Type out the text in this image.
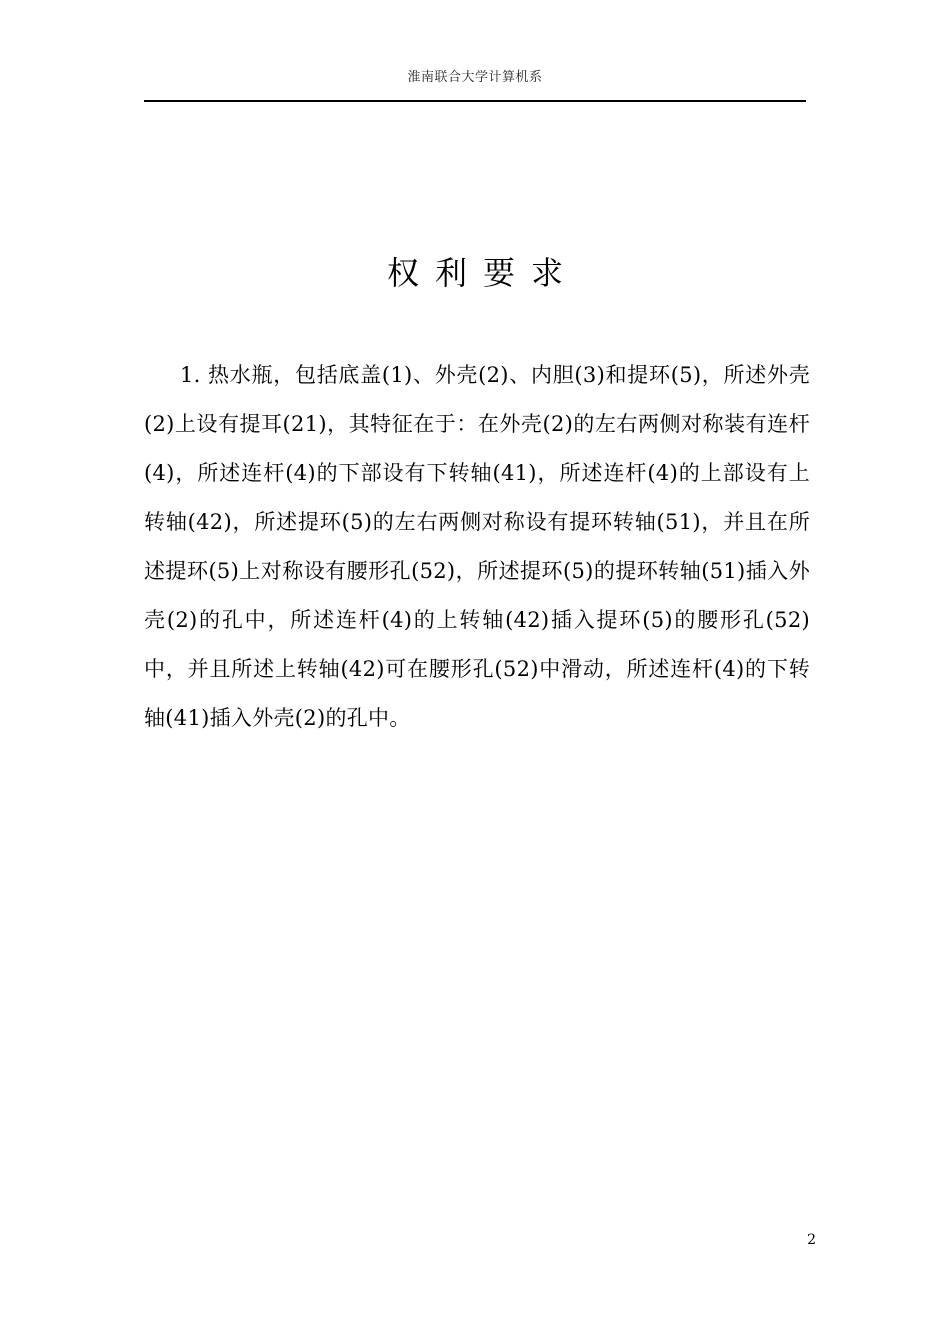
淮南联合大学计算机系
权利要求

1. 热水瓶，包括底盖(1)、外壳(2)、内胆(3)和提环(5)，所述外壳(2)上设有提耳(21)，其特征在于：在外壳(2)的左右两侧对称装有连杆(4)，所述连杆(4)的下部设有下转轴(41)，所述连杆(4)的上部设有上转轴(42)，所述提环(5)的左右两侧对称设有提环转轴(51)，并且在所述提环(5)上对称设有腰形孔(52)，所述提环(5)的提环转轴(51)插入外壳(2)的孔中，所述连杆(4)的上转轴(42)插入提环(5)的腰形孔(52)中，并且所述上转轴(42)可在腰形孔(52)中滑动，所述连杆(4)的下转轴(41)插入外壳(2)的孔中。

2
